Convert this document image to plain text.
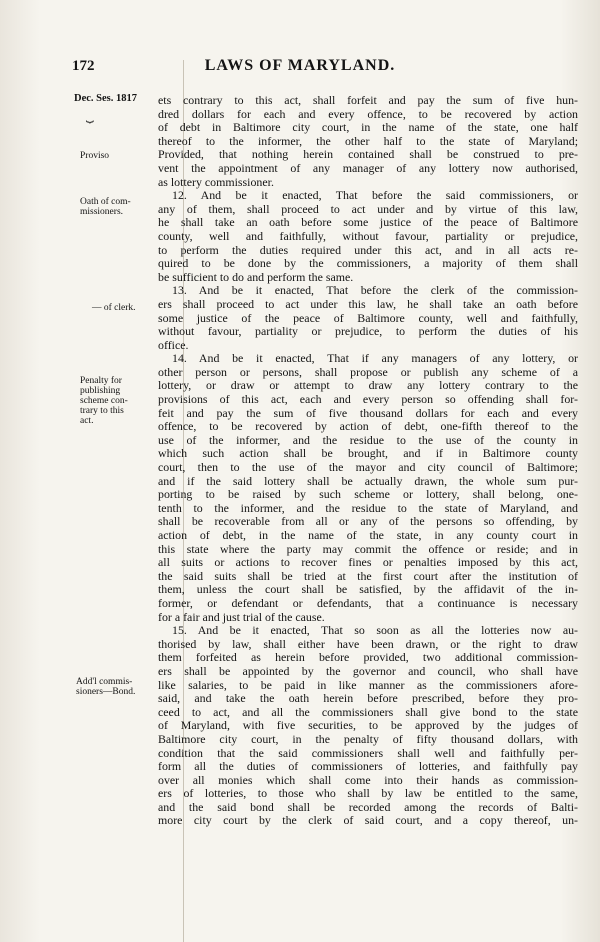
172	LAWS OF MARYLAND.
Dec. Ses. 1817
⏟
Proviso
Oath of com-
missioners.
— of clerk.
Penalty for
publishing
scheme con-
trary to this
act.
Add'l commis-
sioners—Bond.
ets contrary to this act, shall forfeit and pay the sum of five hun-
dred dollars for each and every offence, to be recovered by action
of debt in Baltimore city court, in the name of the state, one half
thereof to the informer, the other half to the state of Maryland;
Provided, that nothing herein contained shall be construed to pre-
vent the appointment of any manager of any lottery now authorised,
as lottery commissioner.
12. And be it enacted, That before the said commissioners, or
any of them, shall proceed to act under and by virtue of this law,
he shall take an oath before some justice of the peace of Baltimore
county, well and faithfully, without favour, partiality or prejudice,
to perform the duties required under this act, and in all acts re-
quired to be done by the commissioners, a majority of them shall
be sufficient to do and perform the same.
13. And be it enacted, That before the clerk of the commission-
ers shall proceed to act under this law, he shall take an oath before
some justice of the peace of Baltimore county, well and faithfully,
without favour, partiality or prejudice, to perform the duties of his
office.
14. And be it enacted, That if any managers of any lottery, or
other person or persons, shall propose or publish any scheme of a
lottery, or draw or attempt to draw any lottery contrary to the
provisions of this act, each and every person so offending shall for-
feit and pay the sum of five thousand dollars for each and every
offence, to be recovered by action of debt, one-fifth thereof to the
use of the informer, and the residue to the use of the county in
which such action shall be brought, and if in Baltimore county
court, then to the use of the mayor and city council of Baltimore;
and if the said lottery shall be actually drawn, the whole sum pur-
porting to be raised by such scheme or lottery, shall belong, one-
tenth to the informer, and the residue to the state of Maryland, and
shall be recoverable from all or any of the persons so offending, by
action of debt, in the name of the state, in any county court in
this state where the party may commit the offence or reside; and in
all suits or actions to recover fines or penalties imposed by this act,
the said suits shall be tried at the first court after the institution of
them, unless the court shall be satisfied, by the affidavit of the in-
former, or defendant or defendants, that a continuance is necessary
for a fair and just trial of the cause.
15. And be it enacted, That so soon as all the lotteries now au-
thorised by law, shall either have been drawn, or the right to draw
them forfeited as herein before provided, two additional commission-
ers shall be appointed by the governor and council, who shall have
like salaries, to be paid in like manner as the commissioners afore-
said, and take the oath herein before prescribed, before they pro-
ceed to act, and all the commissioners shall give bond to the state
of Maryland, with five securities, to be approved by the judges of
Baltimore city court, in the penalty of fifty thousand dollars, with
condition that the said commissioners shall well and faithfully per-
form all the duties of commissioners of lotteries, and faithfully pay
over all monies which shall come into their hands as commission-
ers of lotteries, to those who shall by law be entitled to the same,
and the said bond shall be recorded among the records of Balti-
more city court by the clerk of said court, and a copy thereof, un-
